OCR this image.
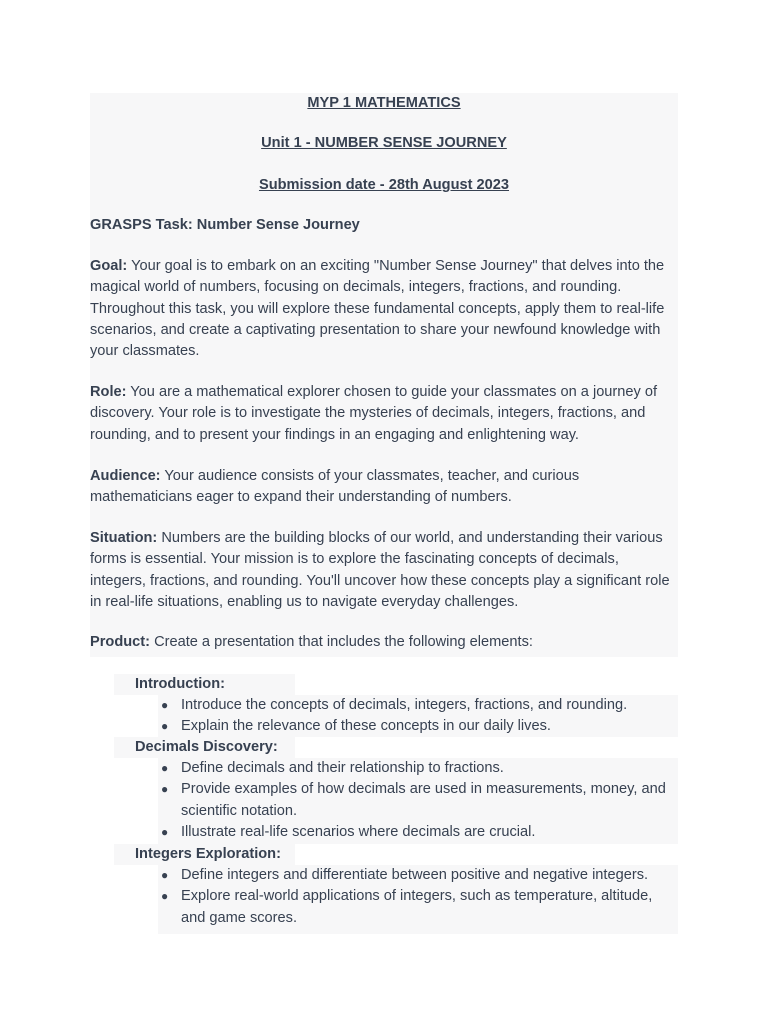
MYP 1 MATHEMATICS
Unit 1 - NUMBER SENSE JOURNEY
Submission date - 28th August 2023
GRASPS Task: Number Sense Journey

Goal: Your goal is to embark on an exciting "Number Sense Journey" that delves into the magical world of numbers, focusing on decimals, integers, fractions, and rounding. Throughout this task, you will explore these fundamental concepts, apply them to real-life scenarios, and create a captivating presentation to share your newfound knowledge with your classmates.

Role: You are a mathematical explorer chosen to guide your classmates on a journey of discovery. Your role is to investigate the mysteries of decimals, integers, fractions, and rounding, and to present your findings in an engaging and enlightening way.

Audience: Your audience consists of your classmates, teacher, and curious mathematicians eager to expand their understanding of numbers.

Situation: Numbers are the building blocks of our world, and understanding their various forms is essential. Your mission is to explore the fascinating concepts of decimals, integers, fractions, and rounding. You'll uncover how these concepts play a significant role in real-life situations, enabling us to navigate everyday challenges.

Product: Create a presentation that includes the following elements:

Introduction:
● Introduce the concepts of decimals, integers, fractions, and rounding.
● Explain the relevance of these concepts in our daily lives.
Decimals Discovery:
● Define decimals and their relationship to fractions.
● Provide examples of how decimals are used in measurements, money, and scientific notation.
● Illustrate real-life scenarios where decimals are crucial.
Integers Exploration:
● Define integers and differentiate between positive and negative integers.
● Explore real-world applications of integers, such as temperature, altitude, and game scores.
